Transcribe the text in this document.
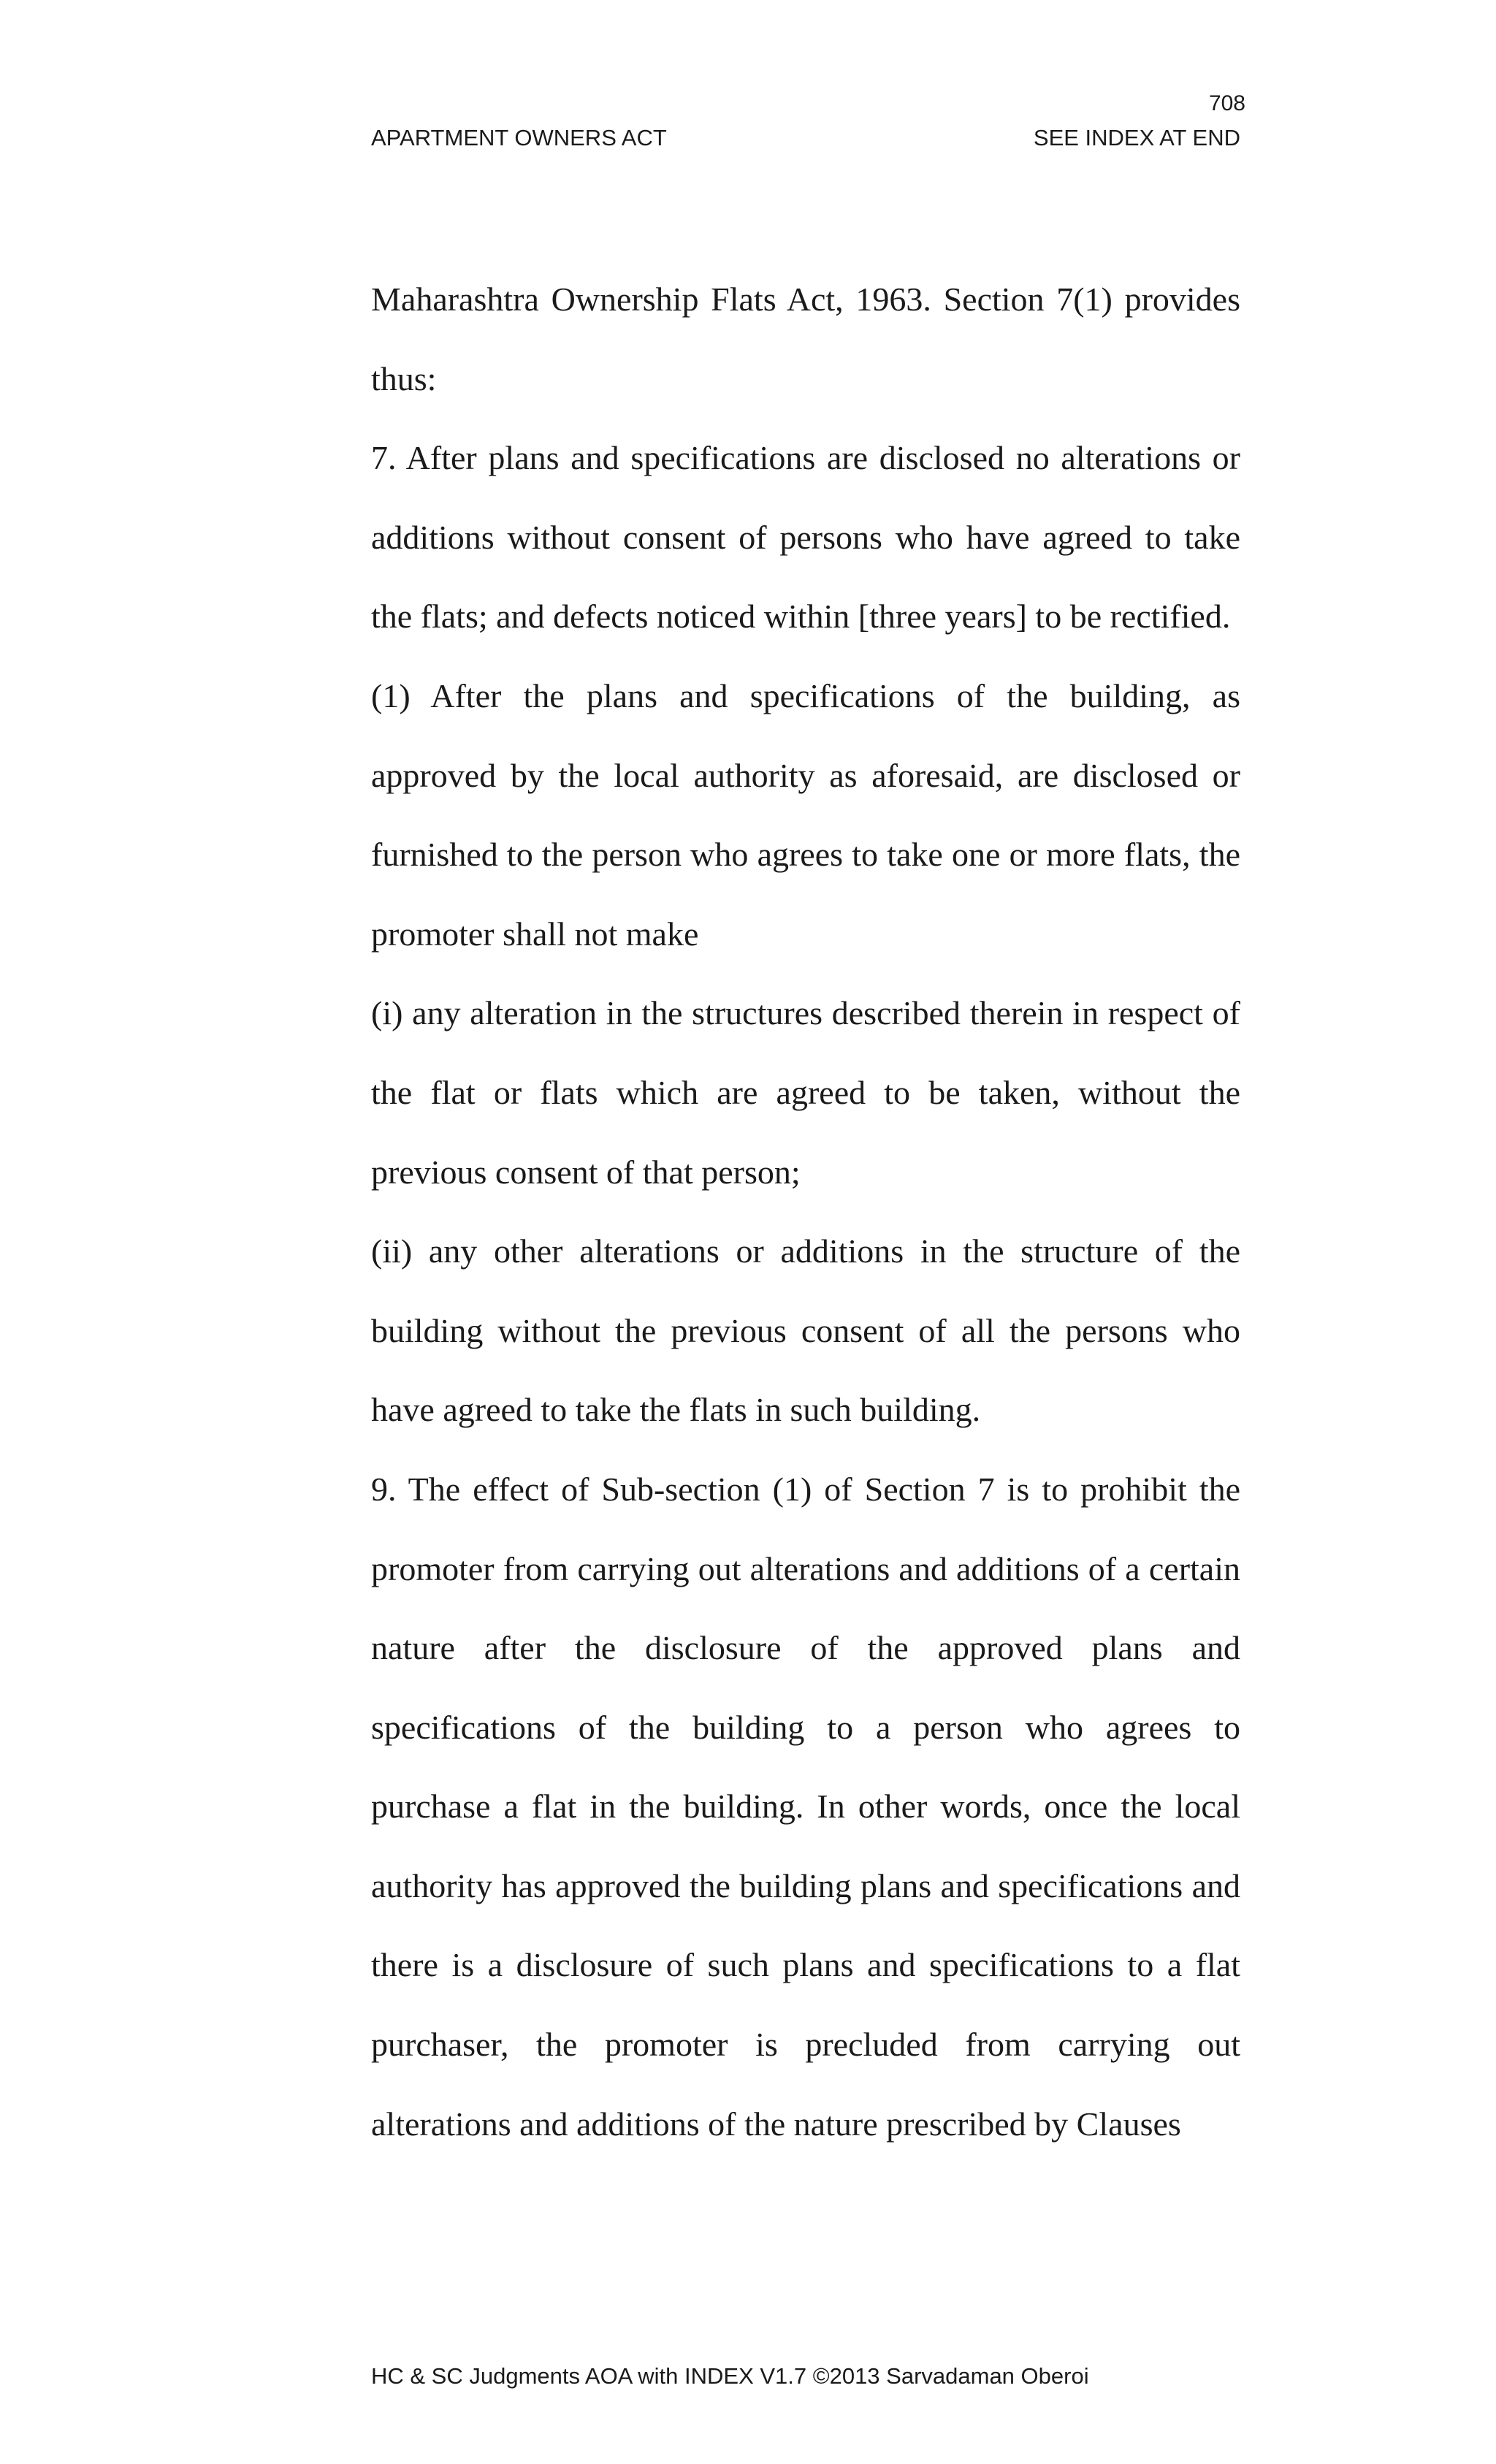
708
APARTMENT OWNERS ACT	SEE INDEX AT END

Maharashtra Ownership Flats Act, 1963. Section 7(1) provides thus:

7. After plans and specifications are disclosed no alterations or additions without consent of persons who have agreed to take the flats; and defects noticed within [three years] to be rectified.

(1) After the plans and specifications of the building, as approved by the local authority as aforesaid, are disclosed or furnished to the person who agrees to take one or more flats, the promoter shall not make

(i) any alteration in the structures described therein in respect of the flat or flats which are agreed to be taken, without the previous consent of that person;

(ii) any other alterations or additions in the structure of the building without the previous consent of all the persons who have agreed to take the flats in such building.

9. The effect of Sub-section (1) of Section 7 is to prohibit the promoter from carrying out alterations and additions of a certain nature after the disclosure of the approved plans and specifications of the building to a person who agrees to purchase a flat in the building. In other words, once the local authority has approved the building plans and specifications and there is a disclosure of such plans and specifications to a flat purchaser, the promoter is precluded from carrying out alterations and additions of the nature prescribed by Clauses

HC & SC Judgments AOA with INDEX V1.7 ©2013 Sarvadaman Oberoi
